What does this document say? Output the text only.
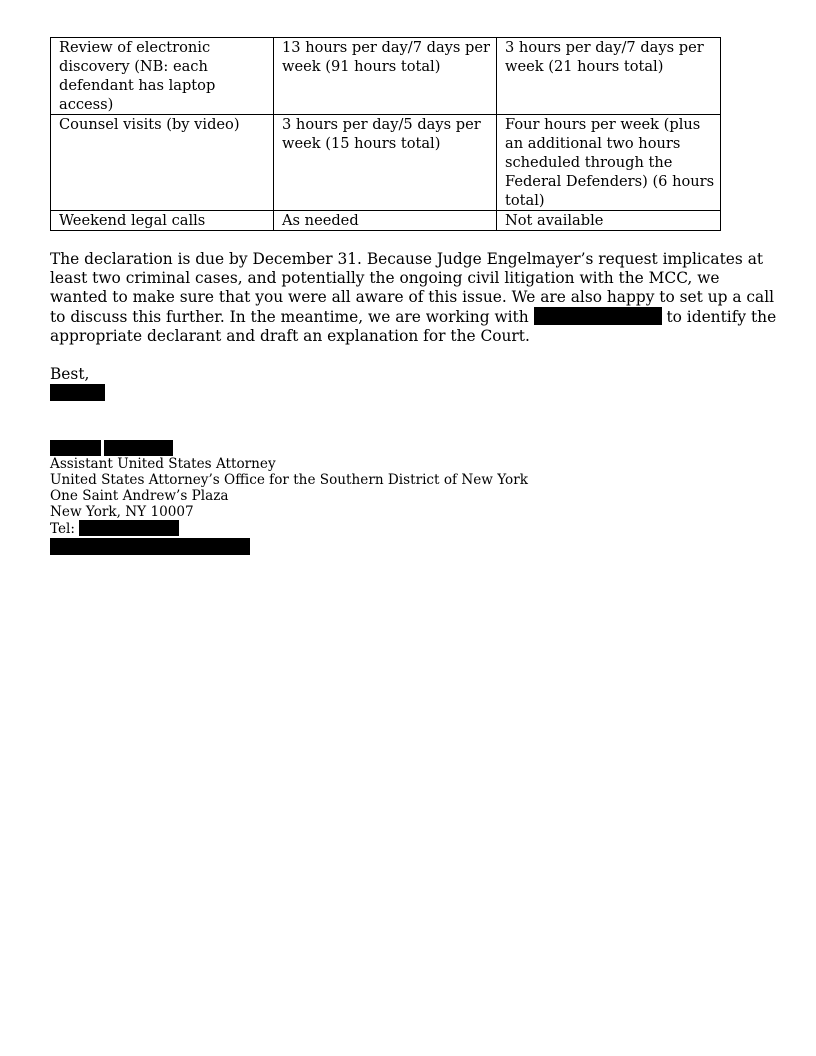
Review of electronic discovery (NB: each defendant has laptop access)	13 hours per day/7 days per week (91 hours total)	3 hours per day/7 days per week (21 hours total)
Counsel visits (by video)	3 hours per day/5 days per week (15 hours total)	Four hours per week (plus an additional two hours scheduled through the Federal Defenders) (6 hours total)
Weekend legal calls	As needed	Not available
The declaration is due by December 31. Because Judge Engelmayer’s request implicates at least two criminal cases, and potentially the ongoing civil litigation with the MCC, we wanted to make sure that you were all aware of this issue. We are also happy to set up a call to discuss this further. In the meantime, we are working with	to identify the appropriate declarant and draft an explanation for the Court.
Best,
Assistant United States Attorney
United States Attorney’s Office for the Southern District of New York
One Saint Andrew’s Plaza
New York, NY 10007
Tel:
